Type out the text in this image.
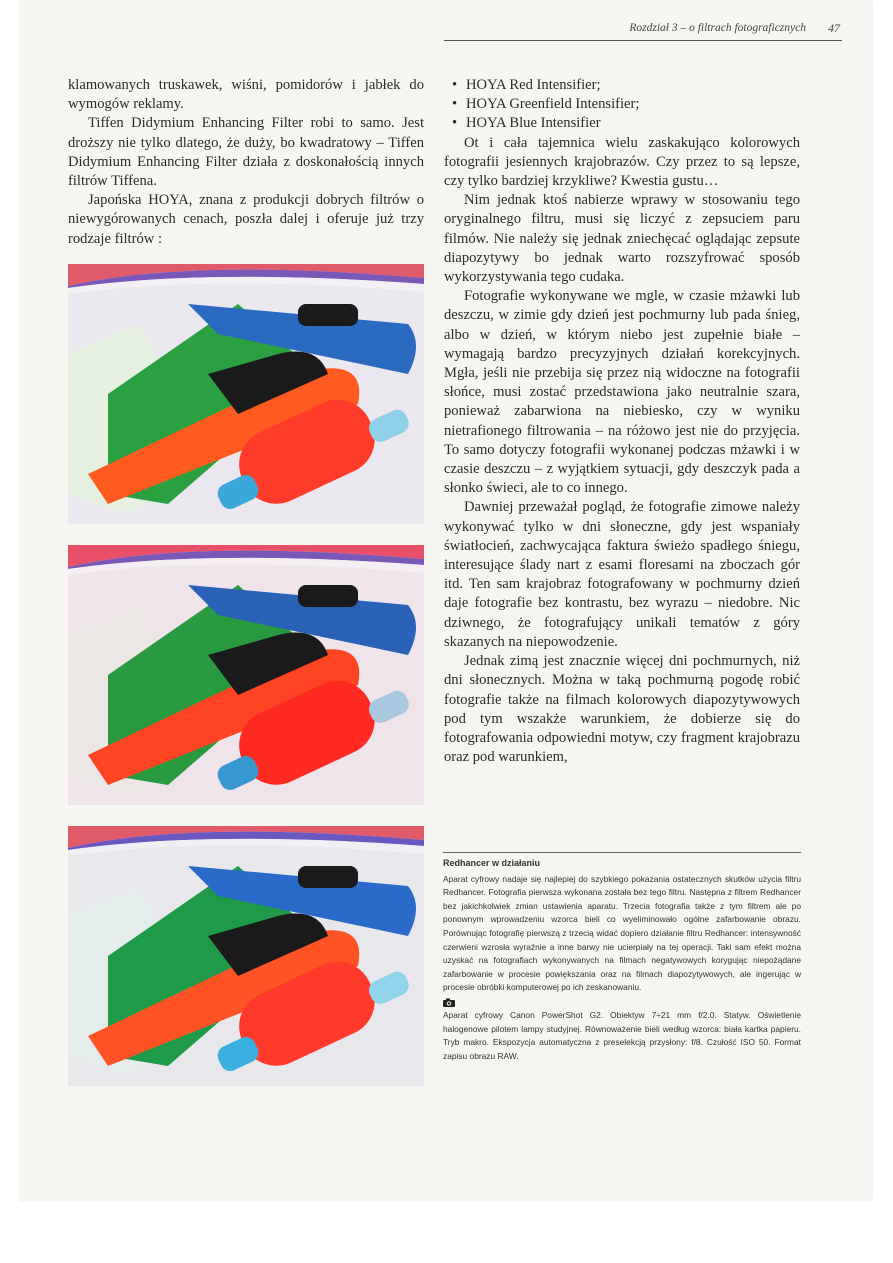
Rozdział 3 – o filtrach fotograficznych 47

klamowanych truskawek, wiśni, pomidorów i jabłek do wymogów reklamy.

Tiffen Didymium Enhancing Filter robi to samo. Jest droższy nie tylko dlatego, że duży, bo kwadratowy – Tiffen Didymium Enhancing Filter działa z doskonałością innych filtrów Tiffena.

Japońska HOYA, znana z produkcji dobrych filtrów o niewygórowanych cenach, poszła dalej i oferuje już trzy rodzaje filtrów :

• HOYA Red Intensifier;
• HOYA Greenfield Intensifier;
• HOYA Blue Intensifier

Ot i cała tajemnica wielu zaskakująco kolorowych fotografii jesiennych krajobrazów. Czy przez to są lepsze, czy tylko bardziej krzykliwe? Kwestia gustu…

Nim jednak ktoś nabierze wprawy w stosowaniu tego oryginalnego filtru, musi się liczyć z zepsuciem paru filmów. Nie należy się jednak zniechęcać oglądając zepsute diapozytywy bo jednak warto rozszyfrować sposób wykorzystywania tego cudaka.

Fotografie wykonywane we mgle, w czasie mżawki lub deszczu, w zimie gdy dzień jest pochmurny lub pada śnieg, albo w dzień, w którym niebo jest zupełnie białe – wymagają bardzo precyzyjnych działań korekcyjnych. Mgła, jeśli nie przebija się przez nią widoczne na fotografii słońce, musi zostać przedstawiona jako neutralnie szara, ponieważ zabarwiona na niebiesko, czy w wyniku nietrafionego filtrowania – na różowo jest nie do przyjęcia. To samo dotyczy fotografii wykonanej podczas mżawki i w czasie deszczu – z wyjątkiem sytuacji, gdy deszczyk pada a słonko świeci, ale to co innego.

Dawniej przeważał pogląd, że fotografie zimowe należy wykonywać tylko w dni słoneczne, gdy jest wspaniały światłocień, zachwycająca faktura świeżo spadłego śniegu, interesujące ślady nart z esami floresami na zboczach gór itd. Ten sam krajobraz fotografowany w pochmurny dzień daje fotografie bez kontrastu, bez wyrazu – niedobre. Nic dziwnego, że fotografujący unikali tematów z góry skazanych na niepowodzenie.

Jednak zimą jest znacznie więcej dni pochmurnych, niż dni słonecznych. Można w taką pochmurną pogodę robić fotografie także na filmach kolorowych diapozytywowych pod tym wszakże warunkiem, że dobierze się do fotografowania odpowiedni motyw, czy fragment krajobrazu oraz pod warunkiem,

Redhancer w działaniu

Aparat cyfrowy nadaje się najlepiej do szybkiego pokazania ostatecznych skutków użycia filtru Redhancer. Fotografia pierwsza wykonana została bez tego filtru. Następna z filtrem Redhancer bez jakichkolwiek zmian ustawienia aparatu. Trzecia fotografia także z tym filtrem ale po ponownym wprowadzeniu wzorca bieli co wyeliminowało ogólne zafarbowanie obrazu. Porównując fotografię pierwszą z trzecią widać dopiero działanie filtru Redhancer: intensywność czerwieni wzrosła wyraźnie a inne barwy nie ucierpiały na tej operacji. Taki sam efekt można uzyskać na fotografiach wykonywanych na filmach negatywowych korygując niepożądane zafarbowanie w procesie powiększania oraz na filmach diapozytywowych, ale ingerując w procesie obróbki komputerowej po ich zeskanowaniu.

Aparat cyfrowy Canon PowerShot G2. Obiektyw 7÷21 mm f/2.0. Statyw. Oświetlenie halogenowe pilotem lampy studyjnej. Równoważenie bieli według wzorca: biała kartka papieru. Tryb makro. Ekspozycja automatyczna z preselekcją przysłony: f/8. Czułość ISO 50. Format zapisu obrazu RAW.
